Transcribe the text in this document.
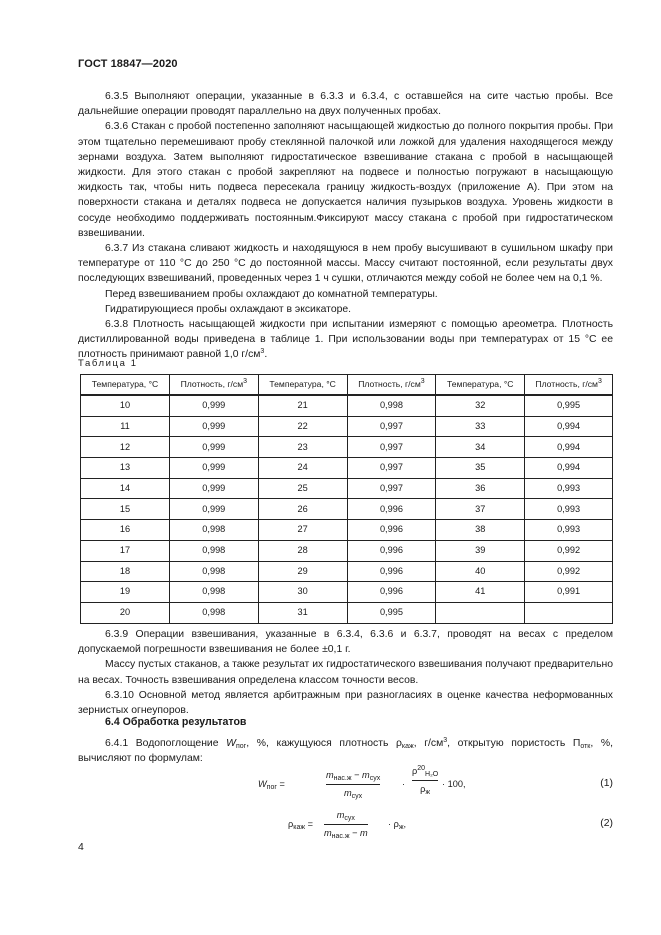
ГОСТ 18847—2020

6.3.5 Выполняют операции, указанные в 6.3.3 и 6.3.4, с оставшейся на сите частью пробы. Все дальнейшие операции проводят параллельно на двух полученных пробах.

6.3.6 Стакан с пробой постепенно заполняют насыщающей жидкостью до полного покрытия пробы. При этом тщательно перемешивают пробу стеклянной палочкой или ложкой для удаления находящегося между зернами воздуха. Затем выполняют гидростатическое взвешивание стакана с пробой в насыщающей жидкости. Для этого стакан с пробой закрепляют на подвесе и полностью погружают в насыщающую жидкость так, чтобы нить подвеса пересекала границу жидкость-воздух (приложение А). При этом на поверхности стакана и деталях подвеса не допускается наличия пузырьков воздуха. Уровень жидкости в сосуде необходимо поддерживать постоянным.Фиксируют массу стакана с пробой при гидростатическом взвешивании.

6.3.7 Из стакана сливают жидкость и находящуюся в нем пробу высушивают в сушильном шкафу при температуре от 110 °С до 250 °С до постоянной массы. Массу считают постоянной, если результаты двух последующих взвешиваний, проведенных через 1 ч сушки, отличаются между собой не более чем на 0,1 %.

Перед взвешиванием пробы охлаждают до комнатной температуры.

Гидратирующиеся пробы охлаждают в эксикаторе.

6.3.8 Плотность насыщающей жидкости при испытании измеряют с помощью ареометра. Плотность дистиллированной воды приведена в таблице 1. При использовании воды при температурах от 15 °С ее плотность принимают равной 1,0 $г/см^3$.

Таблица 1
Температура, °С	Плотность, $г/см^3$	Температура, °С	Плотность, $г/см^3$	Температура, °С	Плотность, $г/см^3$
10	0,999	21	0,998	32	0,995
11	0,999	22	0,997	33	0,994
12	0,999	23	0,997	34	0,994
13	0,999	24	0,997	35	0,994
14	0,999	25	0,997	36	0,993
15	0,999	26	0,996	37	0,993
16	0,998	27	0,996	38	0,993
17	0,998	28	0,996	39	0,992
18	0,998	29	0,996	40	0,992
19	0,998	30	0,996	41	0,991
20	0,998	31	0,995		

6.3.9 Операции взвешивания, указанные в 6.3.4, 6.3.6 и 6.3.7, проводят на весах с пределом допускаемой погрешности взвешивания не более ±0,1 г.

Массу пустых стаканов, а также результат их гидростатического взвешивания получают предварительно на весах. Точность взвешивания определена классом точности весов.

6.3.10 Основной метод является арбитражным при разногласиях в оценке качества неформованных зернистых огнеупоров.

6.4 Обработка результатов

6.4.1 Водопоглощение $W_{пог}$, %, кажущуюся плотность $\rho_{каж}$, $г/см^3$, открытую пористость $П_{отк}$, %, вычисляют по формулам:

$W_{пог}$ =
$m_{нас.ж} - m_{сух}$
$m_{сух}$
·
$\rho^{20}_{H_2O}$
$\rho_ж$
· 100,	(1)
$\rho_{каж}$ =
$m_{сух}$
$m_{нас.ж} - m$
· $\rho_ж$,	(2)
4
